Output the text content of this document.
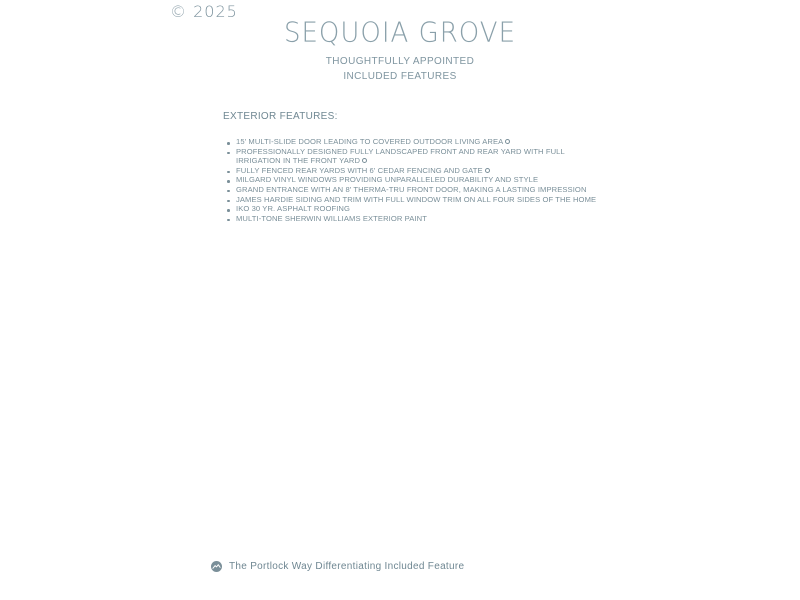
© 2025
SEQUOIA GROVE
THOUGHTFULLY APPOINTED
INCLUDED FEATURES
EXTERIOR FEATURES:
15' MULTI-SLIDE DOOR LEADING TO COVERED OUTDOOR LIVING AREA
PROFESSIONALLY DESIGNED FULLY LANDSCAPED FRONT AND REAR YARD WITH FULL IRRIGATION IN THE FRONT YARD
FULLY FENCED REAR YARDS WITH 6' CEDAR FENCING AND GATE
MILGARD VINYL WINDOWS PROVIDING UNPARALLELED DURABILITY AND STYLE
GRAND ENTRANCE WITH AN 8' THERMA-TRU FRONT DOOR, MAKING A LASTING IMPRESSION
JAMES HARDIE SIDING AND TRIM WITH FULL WINDOW TRIM ON ALL FOUR SIDES OF THE HOME
IKO 30 YR. ASPHALT ROOFING
MULTI-TONE SHERWIN WILLIAMS EXTERIOR PAINT
The Portlock Way Differentiating Included Feature
